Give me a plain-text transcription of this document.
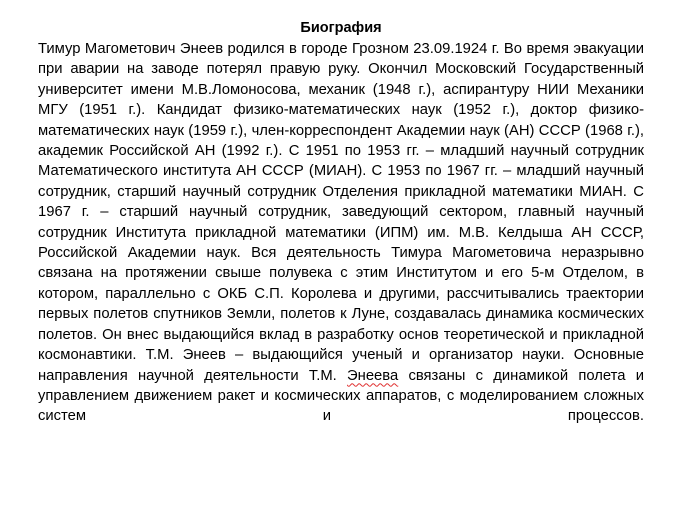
Биография

Тимур Магометович Энеев родился в городе Грозном 23.09.1924 г. Во время эвакуации при аварии на заводе потерял правую руку. Окончил Московский Государственный университет имени М.В.Ломоносова, механик (1948 г.), аспирантуру НИИ Механики МГУ (1951 г.). Кандидат физико-математических наук (1952 г.), доктор физико-математических наук (1959 г.), член-корреспондент Академии наук (АН) СССР (1968 г.), академик Российской АН (1992 г.). С 1951 по 1953 гг. – младший научный сотрудник Математического института АН СССР (МИАН). С 1953 по 1967 гг. – младший научный сотрудник, старший научный сотрудник Отделения прикладной математики МИАН. С 1967 г. – старший научный сотрудник, заведующий сектором, главный научный сотрудник Института прикладной математики (ИПМ) им. М.В. Келдыша АН СССР, Российской Академии наук. Вся деятельность Тимура Магометовича неразрывно связана на протяжении свыше полувека с этим Институтом и его 5-м Отделом, в котором, параллельно с ОКБ С.П. Королева и другими, рассчитывались траектории первых полетов спутников Земли, полетов к Луне, создавалась динамика космических полетов. Он внес выдающийся вклад в разработку основ теоретической и прикладной космонавтики. Т.М. Энеев – выдающийся ученый и организатор науки. Основные направления научной деятельности Т.М. Энеева связаны с динамикой полета и управлением движением ракет и космических аппаратов, с моделированием сложных систем и процессов.
